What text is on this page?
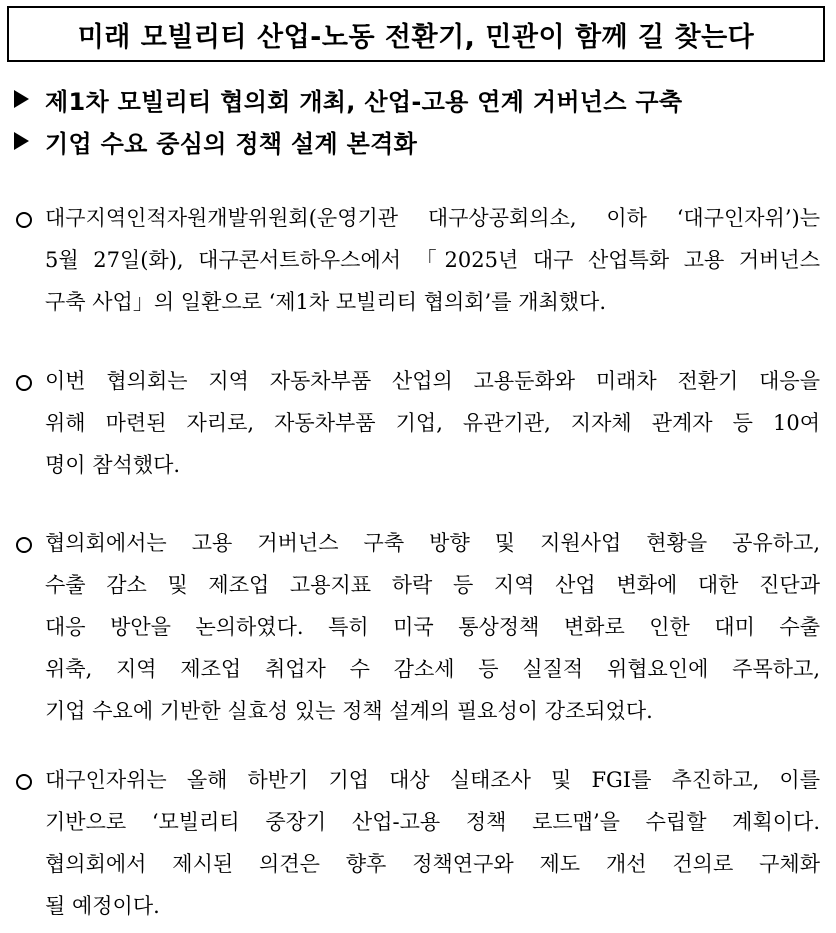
미래 모빌리티 산업-노동 전환기, 민관이 함께 길 찾는다
제1차 모빌리티 협의회 개최, 산업-고용 연계 거버넌스 구축
기업 수요 중심의 정책 설계 본격화
대구지역인적자원개발위원회(운영기관 대구상공회의소, 이하 ‘대구인자위’)는
5월 27일(화), 대구콘서트하우스에서 「2025년 대구 산업특화 고용 거버넌스
구축 사업」의 일환으로 ‘제1차 모빌리티 협의회’를 개최했다.
이번 협의회는 지역 자동차부품 산업의 고용둔화와 미래차 전환기 대응을
위해 마련된 자리로, 자동차부품 기업, 유관기관, 지자체 관계자 등 10여
명이 참석했다.
협의회에서는 고용 거버넌스 구축 방향 및 지원사업 현황을 공유하고,
수출 감소 및 제조업 고용지표 하락 등 지역 산업 변화에 대한 진단과
대응 방안을 논의하였다. 특히 미국 통상정책 변화로 인한 대미 수출
위축, 지역 제조업 취업자 수 감소세 등 실질적 위협요인에 주목하고,
기업 수요에 기반한 실효성 있는 정책 설계의 필요성이 강조되었다.
대구인자위는 올해 하반기 기업 대상 실태조사 및 FGI를 추진하고, 이를
기반으로 ‘모빌리티 중장기 산업-고용 정책 로드맵’을 수립할 계획이다.
협의회에서 제시된 의견은 향후 정책연구와 제도 개선 건의로 구체화
될 예정이다.
